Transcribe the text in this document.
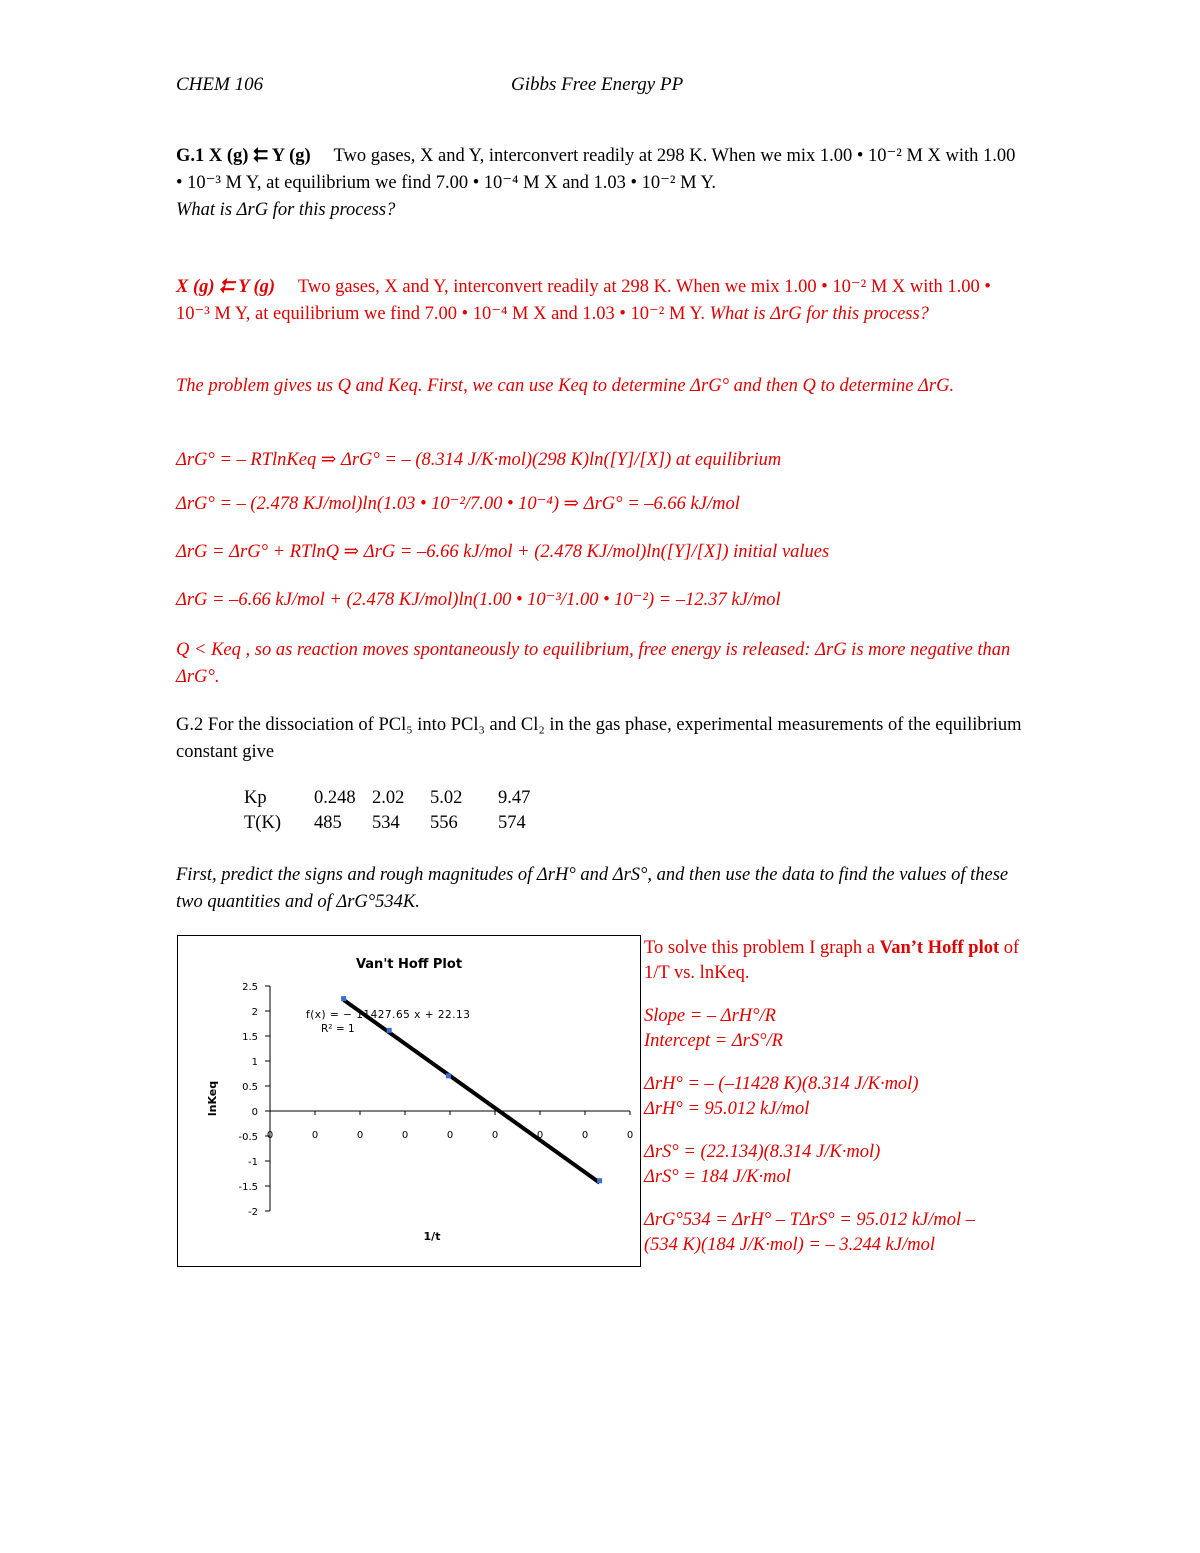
CHEM 106	Gibbs Free Energy PP

G.1 X (g) ⮄ Y (g) Two gases, X and Y, interconvert readily at 298 K. When we mix 1.00 • 10⁻² M X with 1.00 • 10⁻³ M Y, at equilibrium we find 7.00 • 10⁻⁴ M X and 1.03 • 10⁻² M Y.
What is ΔrG for this process?

X (g) ⮄ Y (g) Two gases, X and Y, interconvert readily at 298 K. When we mix 1.00 • 10⁻² M X with 1.00 • 10⁻³ M Y, at equilibrium we find 7.00 • 10⁻⁴ M X and 1.03 • 10⁻² M Y. What is ΔrG for this process?

The problem gives us Q and Keq. First, we can use Keq to determine ΔrG° and then Q to determine ΔrG.

ΔrG° = – RTlnKeq ⇒ ΔrG° = – (8.314 J/K·mol)(298 K)ln([Y]/[X]) at equilibrium
ΔrG° = – (2.478 KJ/mol)ln(1.03 • 10⁻²/7.00 • 10⁻⁴) ⇒ ΔrG° = –6.66 kJ/mol
ΔrG = ΔrG° + RTlnQ ⇒ ΔrG = –6.66 kJ/mol + (2.478 KJ/mol)ln([Y]/[X]) initial values
ΔrG = –6.66 kJ/mol + (2.478 KJ/mol)ln(1.00 • 10⁻³/1.00 • 10⁻²) = –12.37 kJ/mol

Q < Keq , so as reaction moves spontaneously to equilibrium, free energy is released: ΔrG is more negative than ΔrG°.

G.2 For the dissociation of PCl₅ into PCl₃ and Cl₂ in the gas phase, experimental measurements of the equilibrium constant give

Kp	0.248	2.02	5.02	9.47
T(K)	485	534	556	574

First, predict the signs and rough magnitudes of ΔrH° and ΔrS°, and then use the data to find the values of these two quantities and of ΔrG°534K.

Van't Hoff Plot
2.5
2
1.5
1
0.5
0
-0.5
-1
-1.5
-2
0	0	0	0	0	0	0	0	0
lnKeq
1/t
f(x) = − 11427.65 x + 22.13
R² = 1
To solve this problem I graph a Van’t Hoff plot of 1/T vs. lnKeq.
Slope = – ΔrH°/R
Intercept = ΔrS°/R
ΔrH° = – (–11428 K)(8.314 J/K·mol)
ΔrH° = 95.012 kJ/mol
ΔrS° = (22.134)(8.314 J/K·mol)
ΔrS° = 184 J/K·mol
ΔrG°534 = ΔrH° – TΔrS° = 95.012 kJ/mol –
(534 K)(184 J/K·mol) = – 3.244 kJ/mol
